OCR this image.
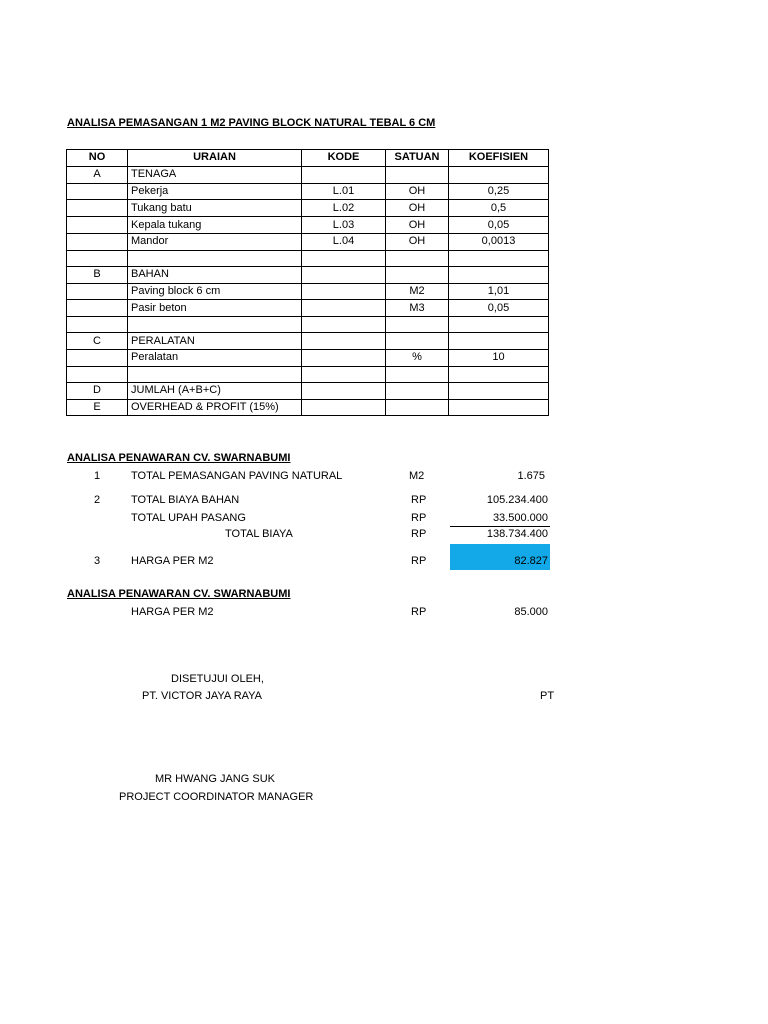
ANALISA PEMASANGAN 1 M2 PAVING BLOCK NATURAL TEBAL 6 CM
NO	URAIAN	KODE	SATUAN	KOEFISIEN
A	TENAGA			
	Pekerja	L.01	OH	0,25
	Tukang batu	L.02	OH	0,5
	Kepala tukang	L.03	OH	0,05
	Mandor	L.04	OH	0,0013

B	BAHAN			
	Paving block 6 cm		M2	1,01
	Pasir beton		M3	0,05

C	PERALATAN			
	Peralatan		%	10

D	JUMLAH (A+B+C)			
E	OVERHEAD & PROFIT (15%)			
ANALISA PENAWARAN CV. SWARNABUMI
1	TOTAL PEMASANGAN PAVING NATURAL	M2	1.675
2	TOTAL BIAYA BAHAN	RP	105.234.400
TOTAL UPAH PASANG	RP	33.500.000
TOTAL BIAYA	RP	138.734.400
3	HARGA PER M2	RP	82.827
ANALISA PENAWARAN CV. SWARNABUMI
HARGA PER M2	RP	85.000
DISETUJUI OLEH,
PT. VICTOR JAYA RAYA	PT
MR HWANG JANG SUK
PROJECT COORDINATOR MANAGER
